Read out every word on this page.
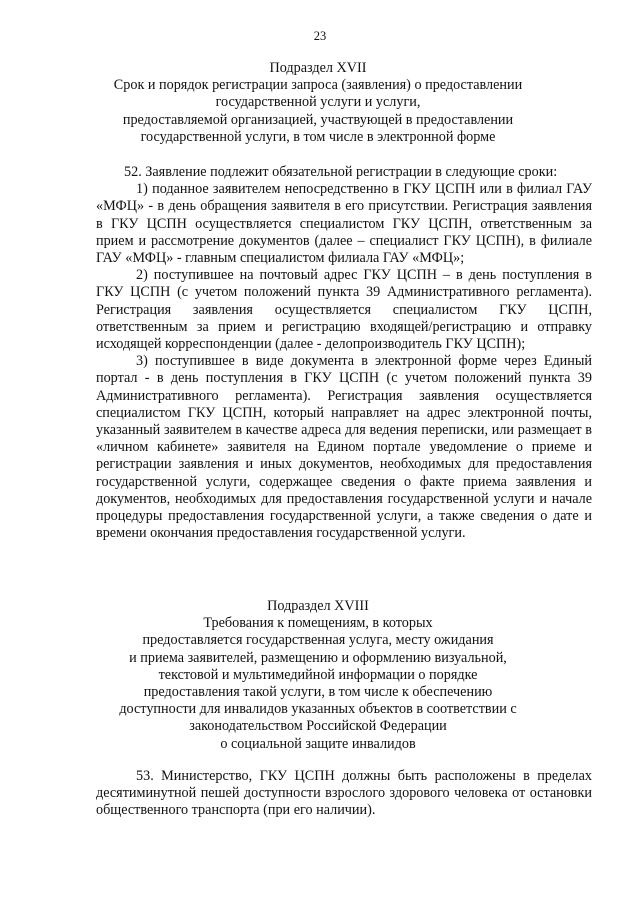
23
Подраздел XVII
Срок и порядок регистрации запроса (заявления) о предоставлении
государственной услуги и услуги,
предоставляемой организацией, участвующей в предоставлении
государственной услуги, в том числе в электронной форме

52. Заявление подлежит обязательной регистрации в следующие сроки:

1) поданное заявителем непосредственно в ГКУ ЦСПН или в филиал ГАУ «МФЦ» - в день обращения заявителя в его присутствии. Регистрация заявления в ГКУ ЦСПН осуществляется специалистом ГКУ ЦСПН, ответственным за прием и рассмотрение документов (далее – специалист ГКУ ЦСПН), в филиале ГАУ «МФЦ» - главным специалистом филиала ГАУ «МФЦ»;

2) поступившее на почтовый адрес ГКУ ЦСПН – в день поступления в ГКУ ЦСПН (с учетом положений пункта 39 Административного регламента). Регистрация заявления осуществляется специалистом ГКУ ЦСПН, ответственным за прием и регистрацию входящей/регистрацию и отправку исходящей корреспонденции (далее - делопроизводитель ГКУ ЦСПН);

3) поступившее в виде документа в электронной форме через Единый портал - в день поступления в ГКУ ЦСПН (с учетом положений пункта 39 Административного регламента). Регистрация заявления осуществляется специалистом ГКУ ЦСПН, который направляет на адрес электронной почты, указанный заявителем в качестве адреса для ведения переписки, или размещает в «личном кабинете» заявителя на Едином портале уведомление о приеме и регистрации заявления и иных документов, необходимых для предоставления государственной услуги, содержащее сведения о факте приема заявления и документов, необходимых для предоставления государственной услуги и начале процедуры предоставления государственной услуги, а также сведения о дате и времени окончания предоставления государственной услуги.

Подраздел XVIII
Требования к помещениям, в которых
предоставляется государственная услуга, месту ожидания
и приема заявителей, размещению и оформлению визуальной,
текстовой и мультимедийной информации о порядке
предоставления такой услуги, в том числе к обеспечению
доступности для инвалидов указанных объектов в соответствии с
законодательством Российской Федерации
о социальной защите инвалидов

53. Министерство, ГКУ ЦСПН должны быть расположены в пределах десятиминутной пешей доступности взрослого здорового человека от остановки общественного транспорта (при его наличии).
